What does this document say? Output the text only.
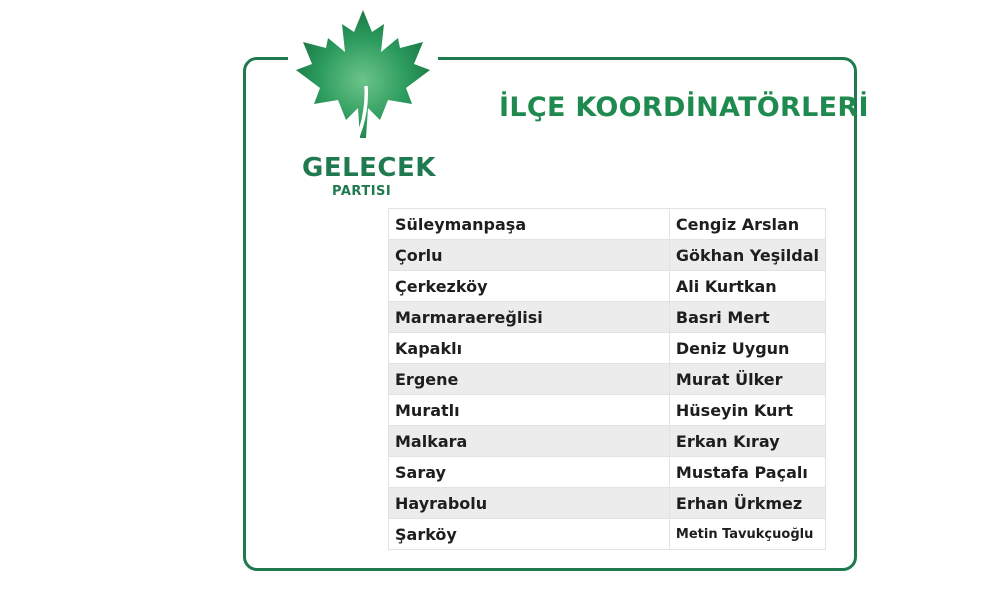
GELECEK
PARTISI
İLÇE KOORDİNATÖRLERİ
Süleymanpaşa	Cengiz Arslan
Çorlu	Gökhan Yeşildal
Çerkezköy	Ali Kurtkan
Marmaraereğlisi	Basri Mert
Kapaklı	Deniz Uygun
Ergene	Murat Ülker
Muratlı	Hüseyin Kurt
Malkara	Erkan Kıray
Saray	Mustafa Paçalı
Hayrabolu	Erhan Ürkmez
Şarköy	Metin Tavukçuoğlu
